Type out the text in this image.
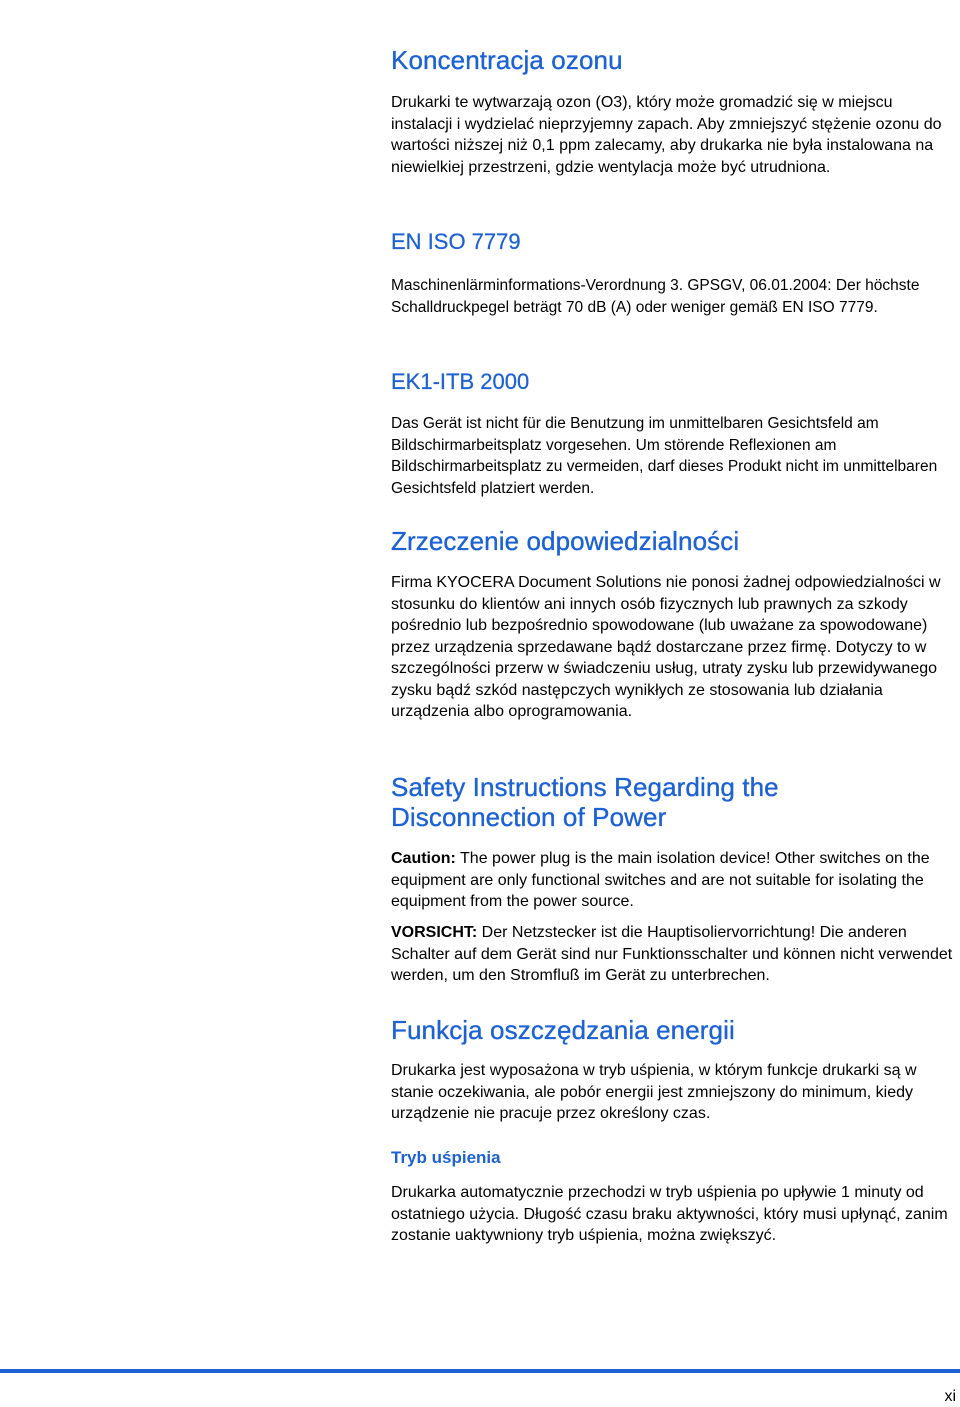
Koncentracja ozonu

Drukarki te wytwarzają ozon (O3), który może gromadzić się w miejscu instalacji i wydzielać nieprzyjemny zapach. Aby zmniejszyć stężenie ozonu do wartości niższej niż 0,1 ppm zalecamy, aby drukarka nie była instalowana na niewielkiej przestrzeni, gdzie wentylacja może być utrudniona.

EN ISO 7779

Maschinenlärminformations-Verordnung 3. GPSGV, 06.01.2004: Der höchste Schalldruckpegel beträgt 70 dB (A) oder weniger gemäß EN ISO 7779.

EK1-ITB 2000

Das Gerät ist nicht für die Benutzung im unmittelbaren Gesichtsfeld am Bildschirmarbeitsplatz vorgesehen. Um störende Reflexionen am Bildschirmarbeitsplatz zu vermeiden, darf dieses Produkt nicht im unmittelbaren Gesichtsfeld platziert werden.

Zrzeczenie odpowiedzialności

Firma KYOCERA Document Solutions nie ponosi żadnej odpowiedzialności w stosunku do klientów ani innych osób fizycznych lub prawnych za szkody pośrednio lub bezpośrednio spowodowane (lub uważane za spowodowane) przez urządzenia sprzedawane bądź dostarczane przez firmę. Dotyczy to w szczególności przerw w świadczeniu usług, utraty zysku lub przewidywanego zysku bądź szkód następczych wynikłych ze stosowania lub działania urządzenia albo oprogramowania.

Safety Instructions Regarding the
Disconnection of Power

Caution: The power plug is the main isolation device! Other switches on the equipment are only functional switches and are not suitable for isolating the equipment from the power source.

VORSICHT: Der Netzstecker ist die Hauptisoliervorrichtung! Die anderen Schalter auf dem Gerät sind nur Funktionsschalter und können nicht verwendet werden, um den Stromfluß im Gerät zu unterbrechen.

Funkcja oszczędzania energii

Drukarka jest wyposażona w tryb uśpienia, w którym funkcje drukarki są w stanie oczekiwania, ale pobór energii jest zmniejszony do minimum, kiedy urządzenie nie pracuje przez określony czas.

Tryb uśpienia

Drukarka automatycznie przechodzi w tryb uśpienia po upływie 1 minuty od ostatniego użycia. Długość czasu braku aktywności, który musi upłynąć, zanim zostanie uaktywniony tryb uśpienia, można zwiększyć.

xi
